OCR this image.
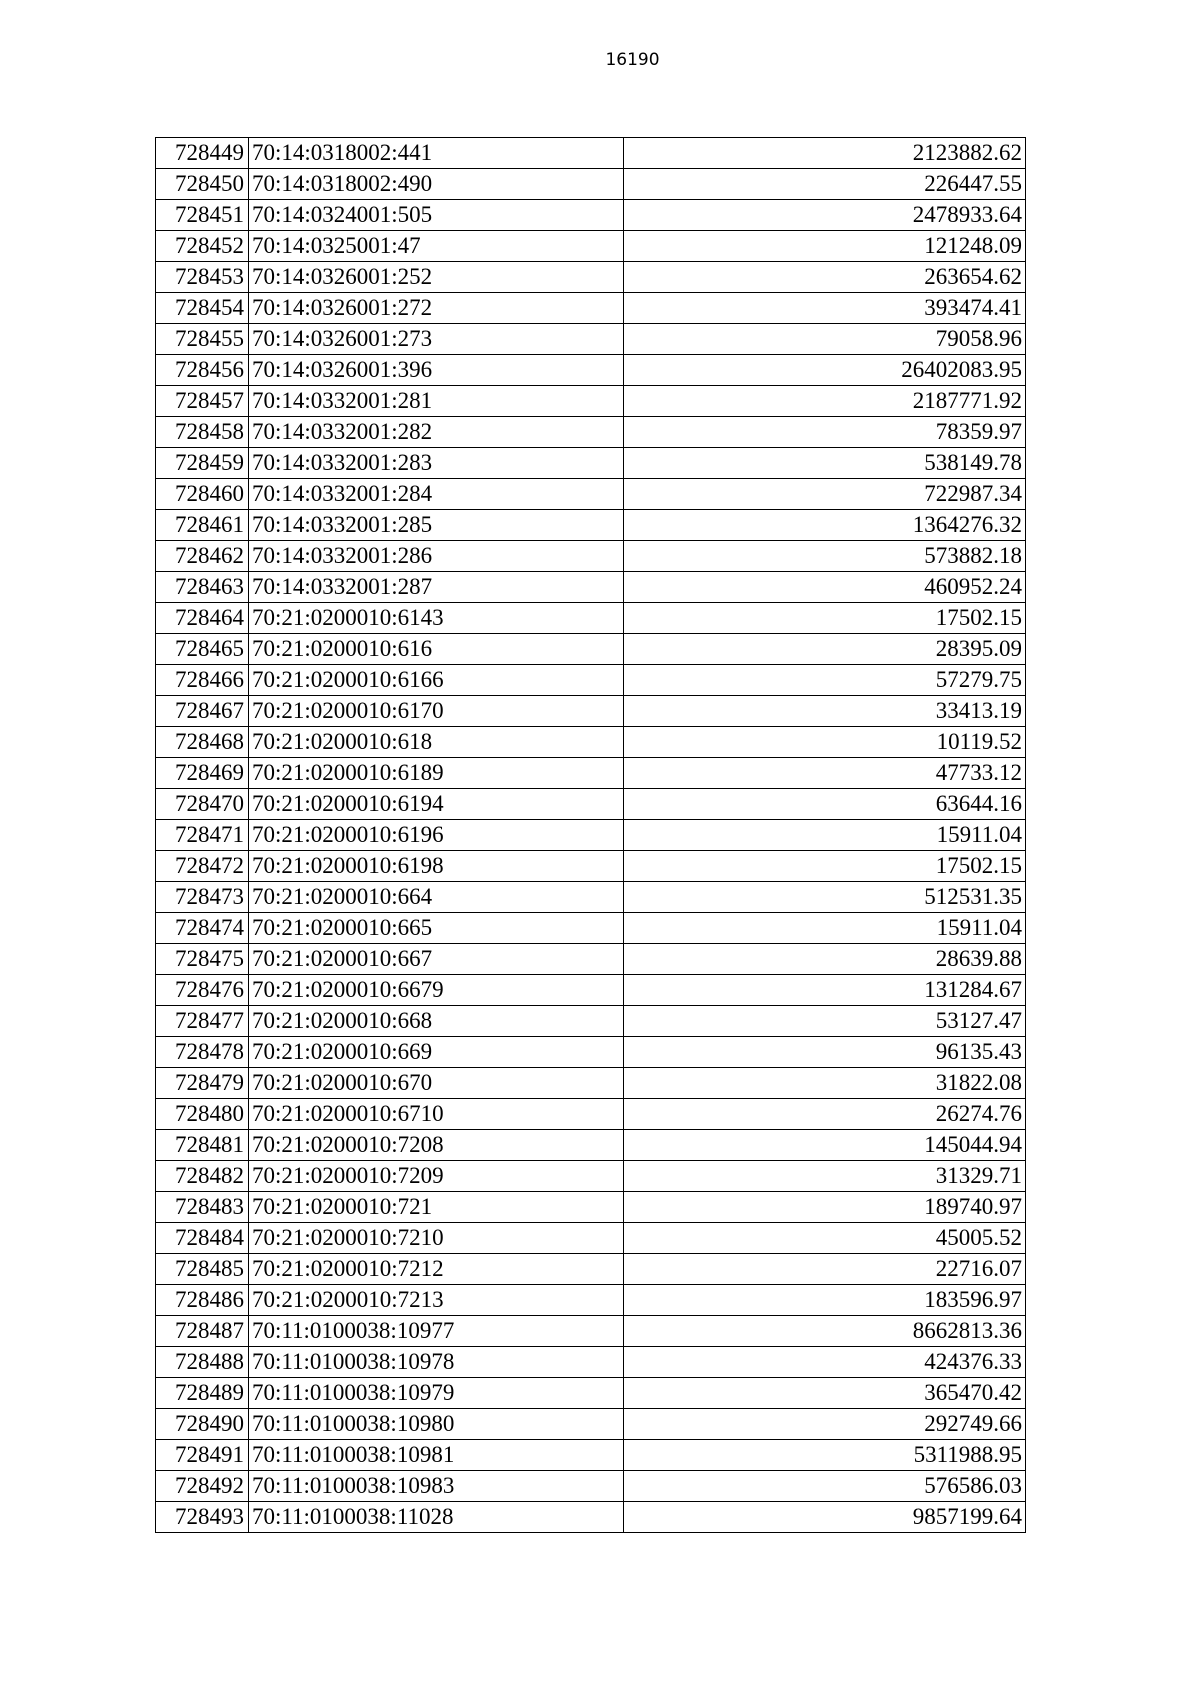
16190
728449	70:14:0318002:441	2123882.62
728450	70:14:0318002:490	226447.55
728451	70:14:0324001:505	2478933.64
728452	70:14:0325001:47	121248.09
728453	70:14:0326001:252	263654.62
728454	70:14:0326001:272	393474.41
728455	70:14:0326001:273	79058.96
728456	70:14:0326001:396	26402083.95
728457	70:14:0332001:281	2187771.92
728458	70:14:0332001:282	78359.97
728459	70:14:0332001:283	538149.78
728460	70:14:0332001:284	722987.34
728461	70:14:0332001:285	1364276.32
728462	70:14:0332001:286	573882.18
728463	70:14:0332001:287	460952.24
728464	70:21:0200010:6143	17502.15
728465	70:21:0200010:616	28395.09
728466	70:21:0200010:6166	57279.75
728467	70:21:0200010:6170	33413.19
728468	70:21:0200010:618	10119.52
728469	70:21:0200010:6189	47733.12
728470	70:21:0200010:6194	63644.16
728471	70:21:0200010:6196	15911.04
728472	70:21:0200010:6198	17502.15
728473	70:21:0200010:664	512531.35
728474	70:21:0200010:665	15911.04
728475	70:21:0200010:667	28639.88
728476	70:21:0200010:6679	131284.67
728477	70:21:0200010:668	53127.47
728478	70:21:0200010:669	96135.43
728479	70:21:0200010:670	31822.08
728480	70:21:0200010:6710	26274.76
728481	70:21:0200010:7208	145044.94
728482	70:21:0200010:7209	31329.71
728483	70:21:0200010:721	189740.97
728484	70:21:0200010:7210	45005.52
728485	70:21:0200010:7212	22716.07
728486	70:21:0200010:7213	183596.97
728487	70:11:0100038:10977	8662813.36
728488	70:11:0100038:10978	424376.33
728489	70:11:0100038:10979	365470.42
728490	70:11:0100038:10980	292749.66
728491	70:11:0100038:10981	5311988.95
728492	70:11:0100038:10983	576586.03
728493	70:11:0100038:11028	9857199.64
